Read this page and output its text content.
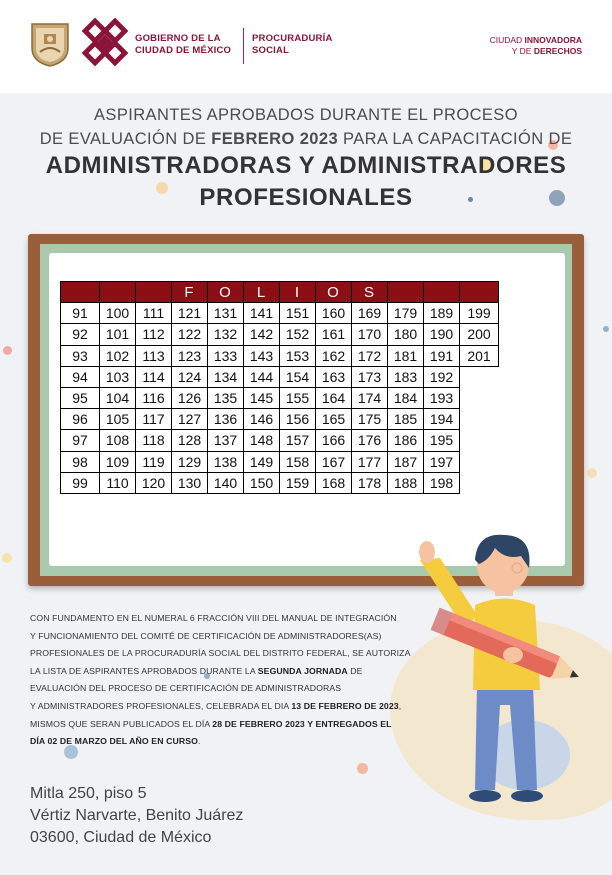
GOBIERNO DE LA
CIUDAD DE MÉXICO
PROCURADURÍA
SOCIAL
CIUDAD INNOVADORA
Y DE DERECHOS
ASPIRANTES APROBADOS DURANTE EL PROCESO
DE EVALUACIÓN DE FEBRERO 2023 PARA LA CAPACITACIÓN DE
ADMINISTRADORAS Y ADMINISTRADORES
PROFESIONALES
			F	O	L	I	O	S			
91	100	111	121	131	141	151	160	169	179	189	199
92	101	112	122	132	142	152	161	170	180	190	200
93	102	113	123	133	143	153	162	172	181	191	201
94	103	114	124	134	144	154	163	173	183	192	
95	104	116	126	135	145	155	164	174	184	193	
96	105	117	127	136	146	156	165	175	185	194	
97	108	118	128	137	148	157	166	176	186	195	
98	109	119	129	138	149	158	167	177	187	197	
99	110	120	130	140	150	159	168	178	188	198	
CON FUNDAMENTO EN EL NUMERAL 6 FRACCIÓN VIII DEL MANUAL DE INTEGRACIÓN
Y FUNCIONAMIENTO DEL COMITÉ DE CERTIFICACIÓN DE ADMINISTRADORES(AS)
PROFESIONALES DE LA PROCURADURÍA SOCIAL DEL DISTRITO FEDERAL, SE AUTORIZA
LA LISTA DE ASPIRANTES APROBADOS DURANTE LA SEGUNDA JORNADA DE
EVALUACIÓN DEL PROCESO DE CERTIFICACIÓN DE ADMINISTRADORAS
Y ADMINISTRADORES PROFESIONALES, CELEBRADA EL DIA 13 DE FEBRERO DE 2023,
MISMOS QUE SERAN PUBLICADOS EL DÍA 28 DE FEBRERO 2023 Y ENTREGADOS EL
DÍA 02 DE MARZO DEL AÑO EN CURSO.
Mitla 250, piso 5
Vértiz Narvarte, Benito Juárez
03600, Ciudad de México
